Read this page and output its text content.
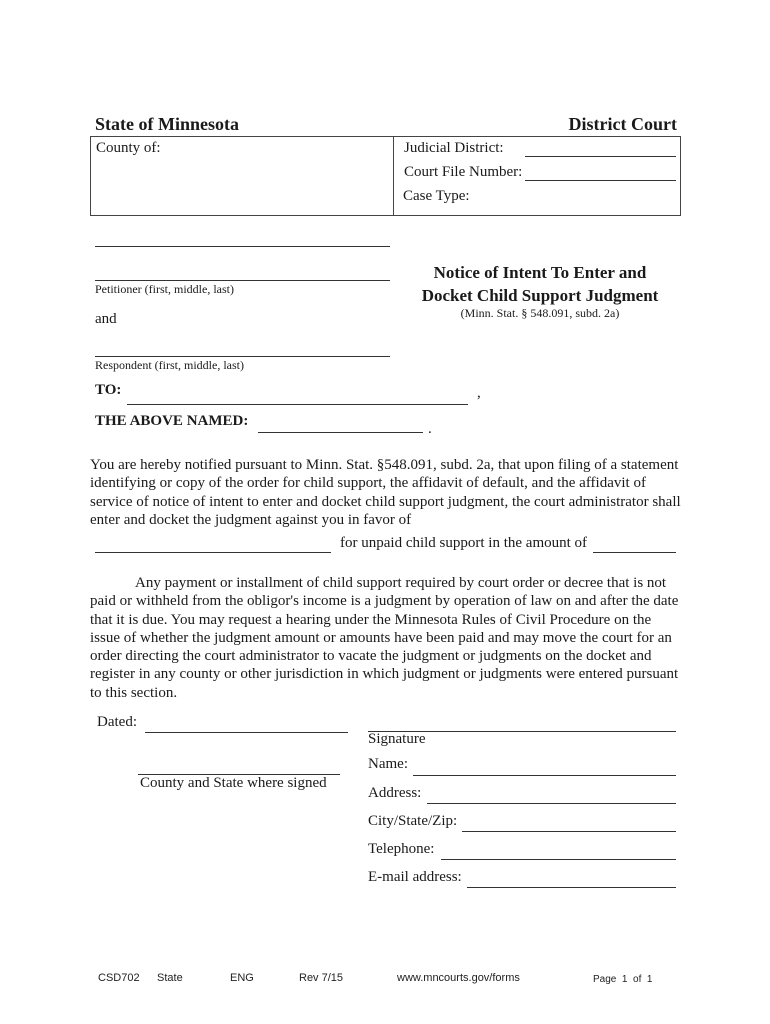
State of Minnesota	District Court
County of:	Judicial District:
Court File Number:
Case Type:
Petitioner (first, middle, last)
and
Respondent (first, middle, last)
Notice of Intent To Enter and
Docket Child Support Judgment
(Minn. Stat. § 548.091, subd. 2a)
TO:	,
THE ABOVE NAMED:	.
You are hereby notified pursuant to Minn. Stat. §548.091, subd. 2a, that upon filing of a statement identifying or copy of the order for child support, the affidavit of default, and the affidavit of service of notice of intent to enter and docket child support judgment, the court administrator shall enter and docket the judgment against you in favor of
for unpaid child support in the amount of
Any payment or installment of child support required by court order or decree that is not paid or withheld from the obligor's income is a judgment by operation of law on and after the date that it is due. You may request a hearing under the Minnesota Rules of Civil Procedure on the issue of whether the judgment amount or amounts have been paid and may move the court for an order directing the court administrator to vacate the judgment or judgments on the docket and register in any county or other jurisdiction in which judgment or judgments were entered pursuant to this section.
Dated:
County and State where signed
Signature
Name:
Address:
City/State/Zip:
Telephone:
E-mail address:
CSD702 State	ENG	Rev 7/15	www.mncourts.gov/forms	Page  1  of  1
